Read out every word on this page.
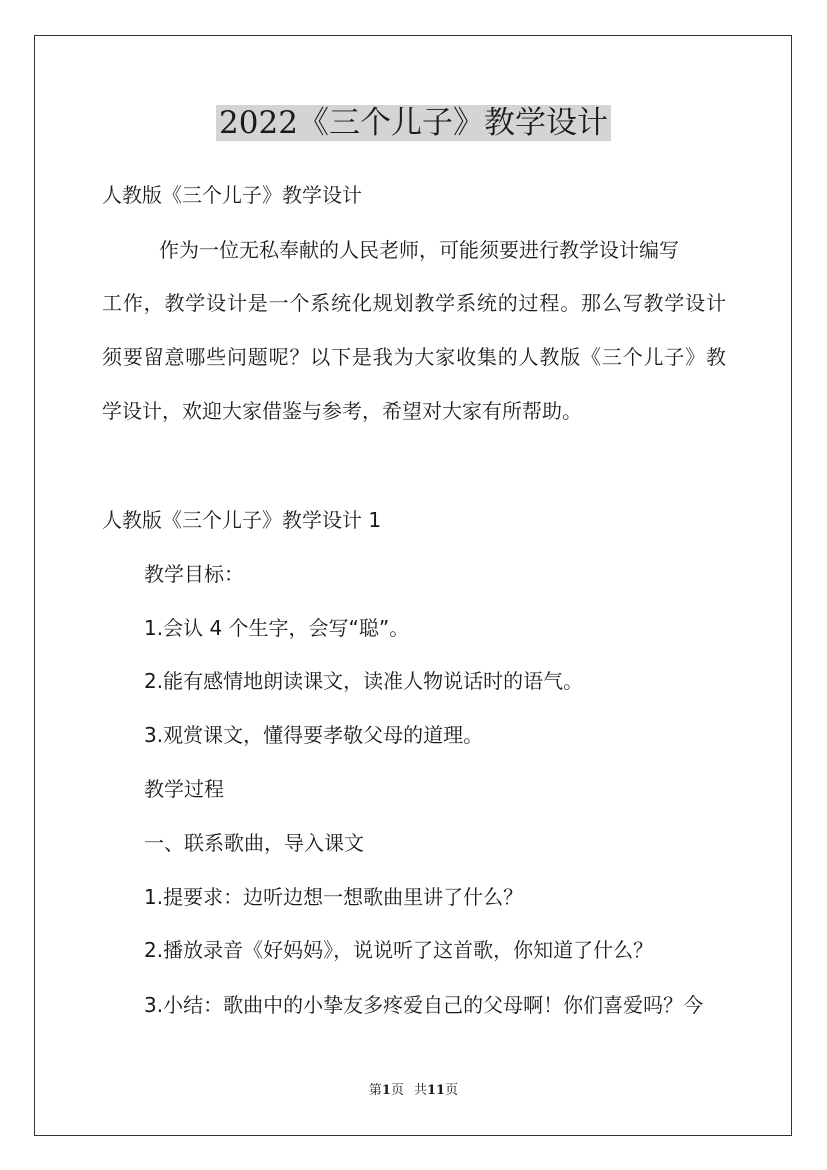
2022《三个儿子》教学设计
人教版《三个儿子》教学设计
作为一位无私奉献的人民老师，可能须要进行教学设计编写
工作，教学设计是一个系统化规划教学系统的过程。那么写教学设计
须要留意哪些问题呢？以下是我为大家收集的人教版《三个儿子》教
学设计，欢迎大家借鉴与参考，希望对大家有所帮助。
人教版《三个儿子》教学设计 1
教学目标：
1.会认 4 个生字，会写“聪”。
2.能有感情地朗读课文，读准人物说话时的语气。
3.观赏课文，懂得要孝敬父母的道理。
教学过程
一、联系歌曲，导入课文
1.提要求：边听边想一想歌曲里讲了什么？
2.播放录音《好妈妈》，说说听了这首歌，你知道了什么？
3.小结：歌曲中的小挚友多疼爱自己的父母啊！你们喜爱吗？今
第1页 共11页
